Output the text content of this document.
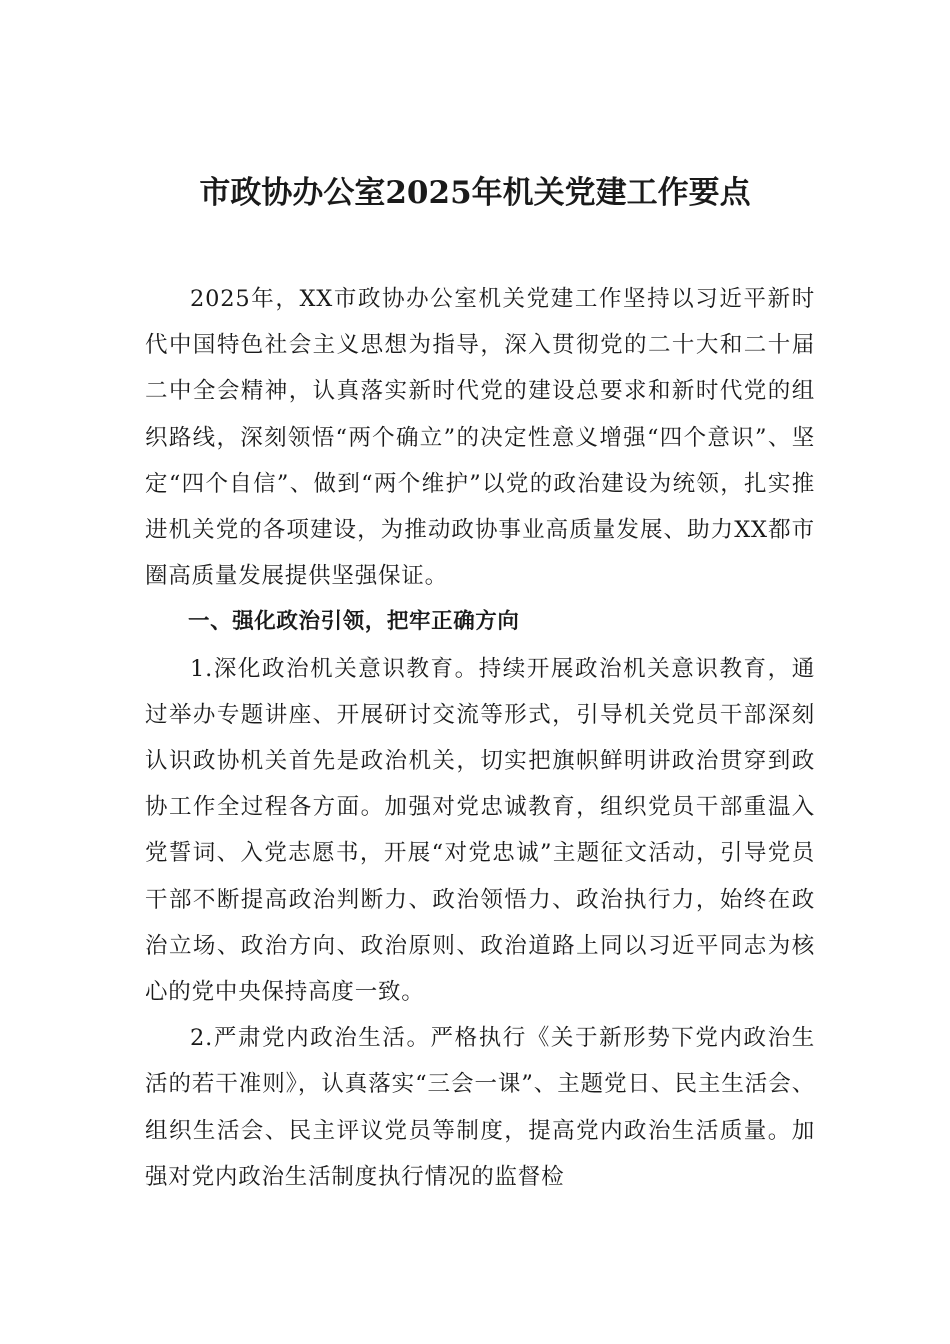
市政协办公室2025年机关党建工作要点

2025年，XX市政协办公室机关党建工作坚持以习近平新时代中国特色社会主义思想为指导，深入贯彻党的二十大和二十届二中全会精神，认真落实新时代党的建设总要求和新时代党的组织路线，深刻领悟“两个确立”的决定性意义增强“四个意识”、坚定“四个自信”、做到“两个维护”以党的政治建设为统领，扎实推进机关党的各项建设，为推动政协事业高质量发展、助力XX都市圈高质量发展提供坚强保证。

一、强化政治引领，把牢正确方向

1.深化政治机关意识教育。持续开展政治机关意识教育，通过举办专题讲座、开展研讨交流等形式，引导机关党员干部深刻认识政协机关首先是政治机关，切实把旗帜鲜明讲政治贯穿到政协工作全过程各方面。加强对党忠诚教育，组织党员干部重温入党誓词、入党志愿书，开展“对党忠诚”主题征文活动，引导党员干部不断提高政治判断力、政治领悟力、政治执行力，始终在政治立场、政治方向、政治原则、政治道路上同以习近平同志为核心的党中央保持高度一致。

2.严肃党内政治生活。严格执行《关于新形势下党内政治生活的若干准则》，认真落实“三会一课”、主题党日、民主生活会、组织生活会、民主评议党员等制度，提高党内政治生活质量。加强对党内政治生活制度执行情况的监督检
